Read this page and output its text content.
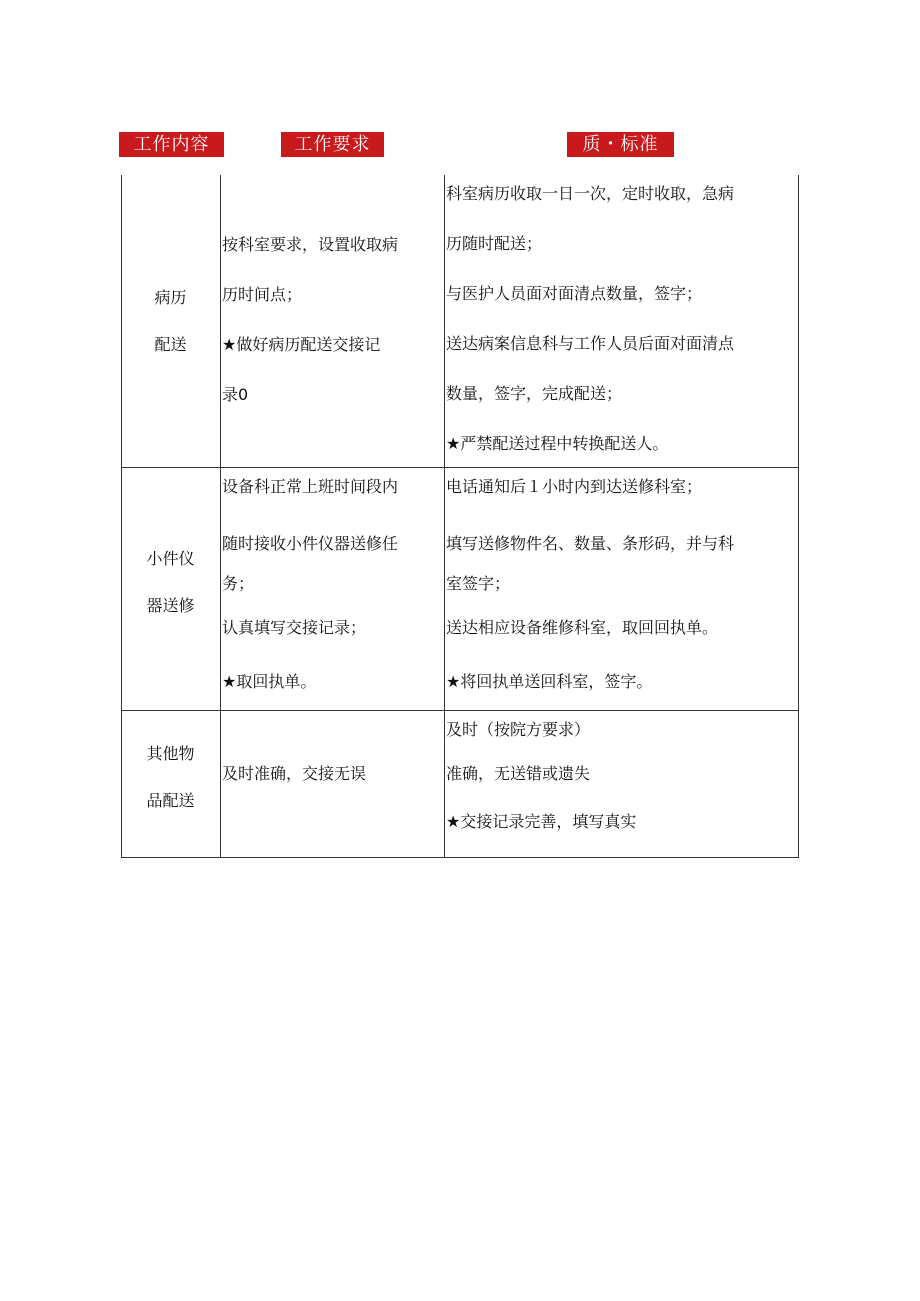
工作内容	工作要求	质・标准
病历
配送
按科室要求，设置收取病
历时间点；
★做好病历配送交接记
录0
科室病历收取一日一次，定时收取，急病
历随时配送；
与医护人员面对面清点数量，签字；
送达病案信息科与工作人员后面对面清点
数量，签字，完成配送；
★严禁配送过程中转换配送人。
小件仪
器送修
设备科正常上班时间段内
随时接收小件仪器送修任
务；
认真填写交接记录；
★取回执单。
电话通知后１小时内到达送修科室；
填写送修物件名、数量、条形码，并与科
室签字；
送达相应设备维修科室，取回回执单。
★将回执单送回科室，签字。
其他物
品配送
及时准确，交接无误
及时（按院方要求）
准确，无送错或遗失
★交接记录完善，填写真实
